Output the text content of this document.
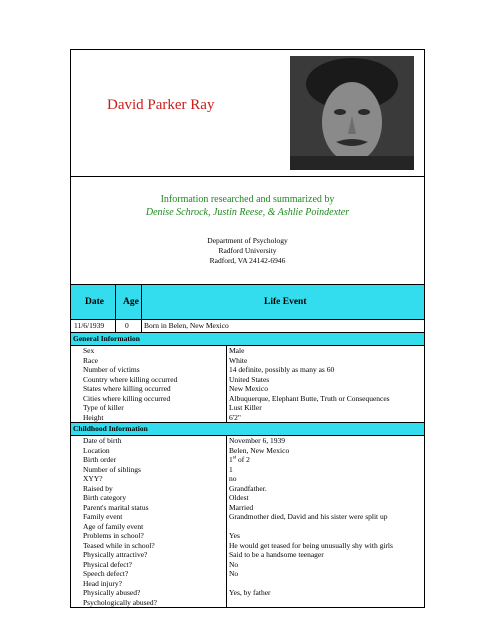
David Parker Ray
Information researched and summarized by
Denise Schrock, Justin Reese, & Ashlie Poindexter
Department of Psychology
Radford University
Radford, VA 24142-6946
Date Age	Life Event
11/6/1939	0 Born in Belen, New Mexico
General Information
Sex	Male
Race	White
Number of victims	14 definite, possibly as many as 60
Country where killing occurred	United States
States where killing occurred	New Mexico
Cities where killing occurred	Albuquerque, Elephant Butte, Truth or Consequences
Type of killer	Lust Killer
Height	6'2"
Childhood Information
Date of birth	November 6, 1939
Location	Belen, New Mexico
Birth order	1st of 2
Number of siblings	1
XYY?	no
Raised by	Grandfather.
Birth category	Oldest
Parent's marital status	Married
Family event	Grandmother died, David and his sister were split up
Age of family event
Problems in school?	Yes
Teased while in school?	He would get teased for being unusually shy with girls
Physically attractive?	Said to be a handsome teenager
Physical defect?	No
Speech defect?	No
Head injury?
Physically abused?	Yes, by father
Psychologically abused?
